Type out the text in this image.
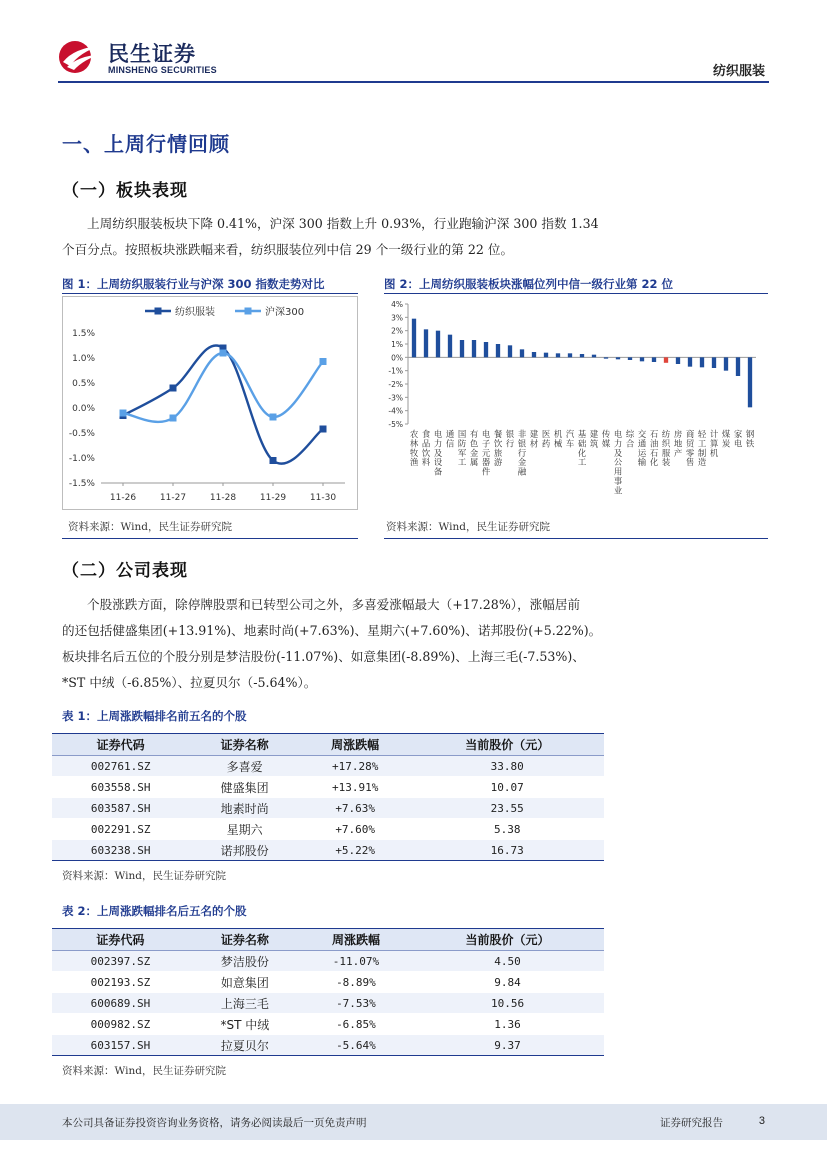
民生证券
MINSHENG SECURITIES	纺织服装
一、上周行情回顾
（一）板块表现
上周纺织服装板块下降 0.41%，沪深 300 指数上升 0.93%，行业跑输沪深 300 指数 1.34
个百分点。按照板块涨跌幅来看，纺织服装位列中信 29 个一级行业的第 22 位。
图 1：上周纺织服装行业与沪深 300 指数走势对比
1.5%
1.0%
0.5%
0.0%
-0.5%
-1.0%
-1.5%
11-26	11-27	11-28	11-29	11-30
纺织服装	沪深300
资料来源：Wind，民生证券研究院
图 2：上周纺织服装板块涨幅位列中信一级行业第 22 位
4%
3%
2%
1%
0%
-1%
-2%
-3%
-4%
-5%
农
林
牧
渔
食
品
饮
料
电
力
及
设
备
通
信
国
防
军
工
有
色
金
属
电
子
元
器
件
餐
饮
旅
游
银
行
非
银
行
金
融
建
材
医
药
机
械
汽
车
基
础
化
工
建
筑
传
媒
电
力
及
公
用
事
业
综
合
交
通
运
输
石
油
石
化
纺
织
服
装
房
地
产
商
贸
零
售
轻
工
制
造
计
算
机
煤
炭
家
电
钢
铁
资料来源：Wind，民生证券研究院
（二）公司表现
个股涨跌方面，除停牌股票和已转型公司之外，多喜爱涨幅最大（+17.28%），涨幅居前
的还包括健盛集团(+13.91%)、地素时尚(+7.63%)、星期六(+7.60%)、诺邦股份(+5.22%)。
板块排名后五位的个股分别是梦洁股份(-11.07%)、如意集团(-8.89%)、上海三毛(-7.53%)、
*ST 中绒（-6.85%）、拉夏贝尔（-5.64%）。
表 1：上周涨跌幅排名前五名的个股
证券代码	证券名称	周涨跌幅	当前股价（元）
002761.SZ	多喜爱	+17.28%	33.80
603558.SH	健盛集团	+13.91%	10.07
603587.SH	地素时尚	+7.63%	23.55
002291.SZ	星期六	+7.60%	5.38
603238.SH	诺邦股份	+5.22%	16.73
资料来源：Wind，民生证券研究院
表 2：上周涨跌幅排名后五名的个股
证券代码	证券名称	周涨跌幅	当前股价（元）
002397.SZ	梦洁股份	-11.07%	4.50
002193.SZ	如意集团	-8.89%	9.84
600689.SH	上海三毛	-7.53%	10.56
000982.SZ	*ST 中绒	-6.85%	1.36
603157.SH	拉夏贝尔	-5.64%	9.37
资料来源：Wind，民生证券研究院
本公司具备证券投资咨询业务资格，请务必阅读最后一页免责声明	证券研究报告	3
